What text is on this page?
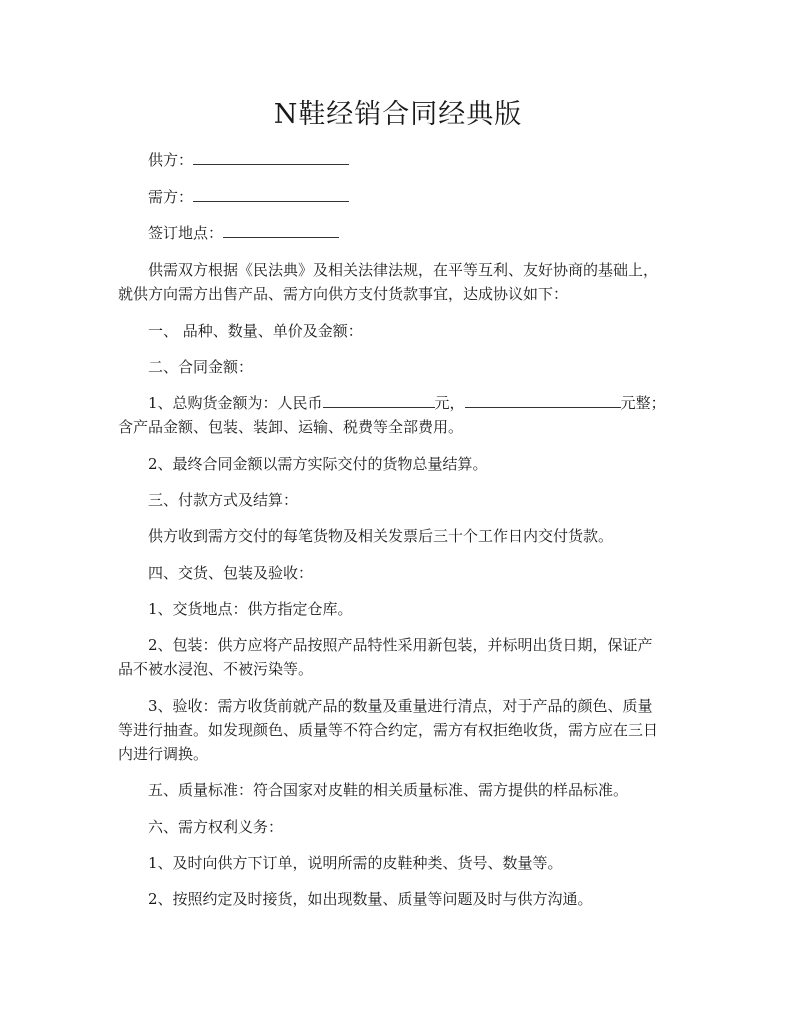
N鞋经销合同经典版

供方：

需方：

签订地点：

供需双方根据《民法典》及相关法律法规，在平等互利、友好协商的基础上，

就供方向需方出售产品、需方向供方支付货款事宜，达成协议如下：

一、 品种、数量、单价及金额：

二、合同金额：

1、总购货金额为：人民币	元，	元整；

含产品金额、包装、装卸、运输、税费等全部费用。

2、最终合同金额以需方实际交付的货物总量结算。

三、付款方式及结算：

供方收到需方交付的每笔货物及相关发票后三十个工作日内交付货款。

四、交货、包装及验收：

1、交货地点：供方指定仓库。

2、包装：供方应将产品按照产品特性采用新包装，并标明出货日期，保证产

品不被水浸泡、不被污染等。

3、验收：需方收货前就产品的数量及重量进行清点，对于产品的颜色、质量

等进行抽查。如发现颜色、质量等不符合约定，需方有权拒绝收货，需方应在三日

内进行调换。

五、质量标准：符合国家对皮鞋的相关质量标准、需方提供的样品标准。

六、需方权利义务：

1、及时向供方下订单，说明所需的皮鞋种类、货号、数量等。

2、按照约定及时接货，如出现数量、质量等问题及时与供方沟通。
